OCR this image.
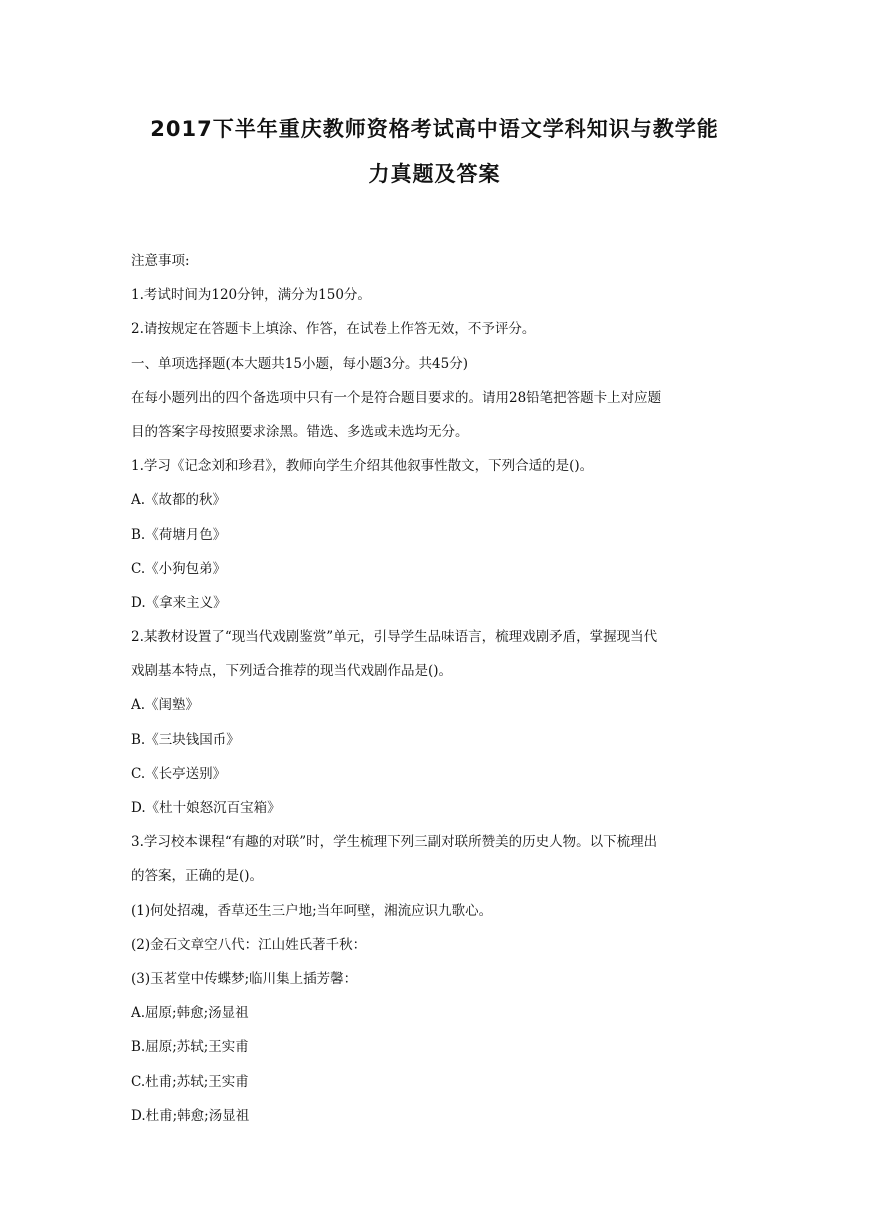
2017下半年重庆教师资格考试高中语文学科知识与教学能
力真题及答案
注意事项:
1.考试时间为120分钟，满分为150分。
2.请按规定在答题卡上填涂、作答，在试卷上作答无效，不予评分。
一、单项选择题(本大题共15小题，每小题3分。共45分)
在每小题列出的四个备选项中只有一个是符合题目要求的。请用28铅笔把答题卡上对应题
目的答案字母按照要求涂黑。错选、多选或未选均无分。
1.学习《记念刘和珍君》，教师向学生介绍其他叙事性散文，下列合适的是()。
A.《故都的秋》
B.《荷塘月色》
C.《小狗包弟》
D.《拿来主义》
2.某教材设置了“现当代戏剧鉴赏”单元，引导学生品味语言，梳理戏剧矛盾，掌握现当代
戏剧基本特点，下列适合推荐的现当代戏剧作品是()。
A.《闺塾》
B.《三块钱国币》
C.《长亭送别》
D.《杜十娘怒沉百宝箱》
3.学习校本课程“有趣的对联”时，学生梳理下列三副对联所赞美的历史人物。以下梳理出
的答案，正确的是()。
(1)何处招魂，香草还生三户地;当年呵壁，湘流应识九歌心。
(2)金石文章空八代：江山姓氏著千秋：
(3)玉茗堂中传蝶梦;临川集上插芳馨：
A.屈原;韩愈;汤显祖
B.屈原;苏轼;王实甫
C.杜甫;苏轼;王实甫
D.杜甫;韩愈;汤显祖
